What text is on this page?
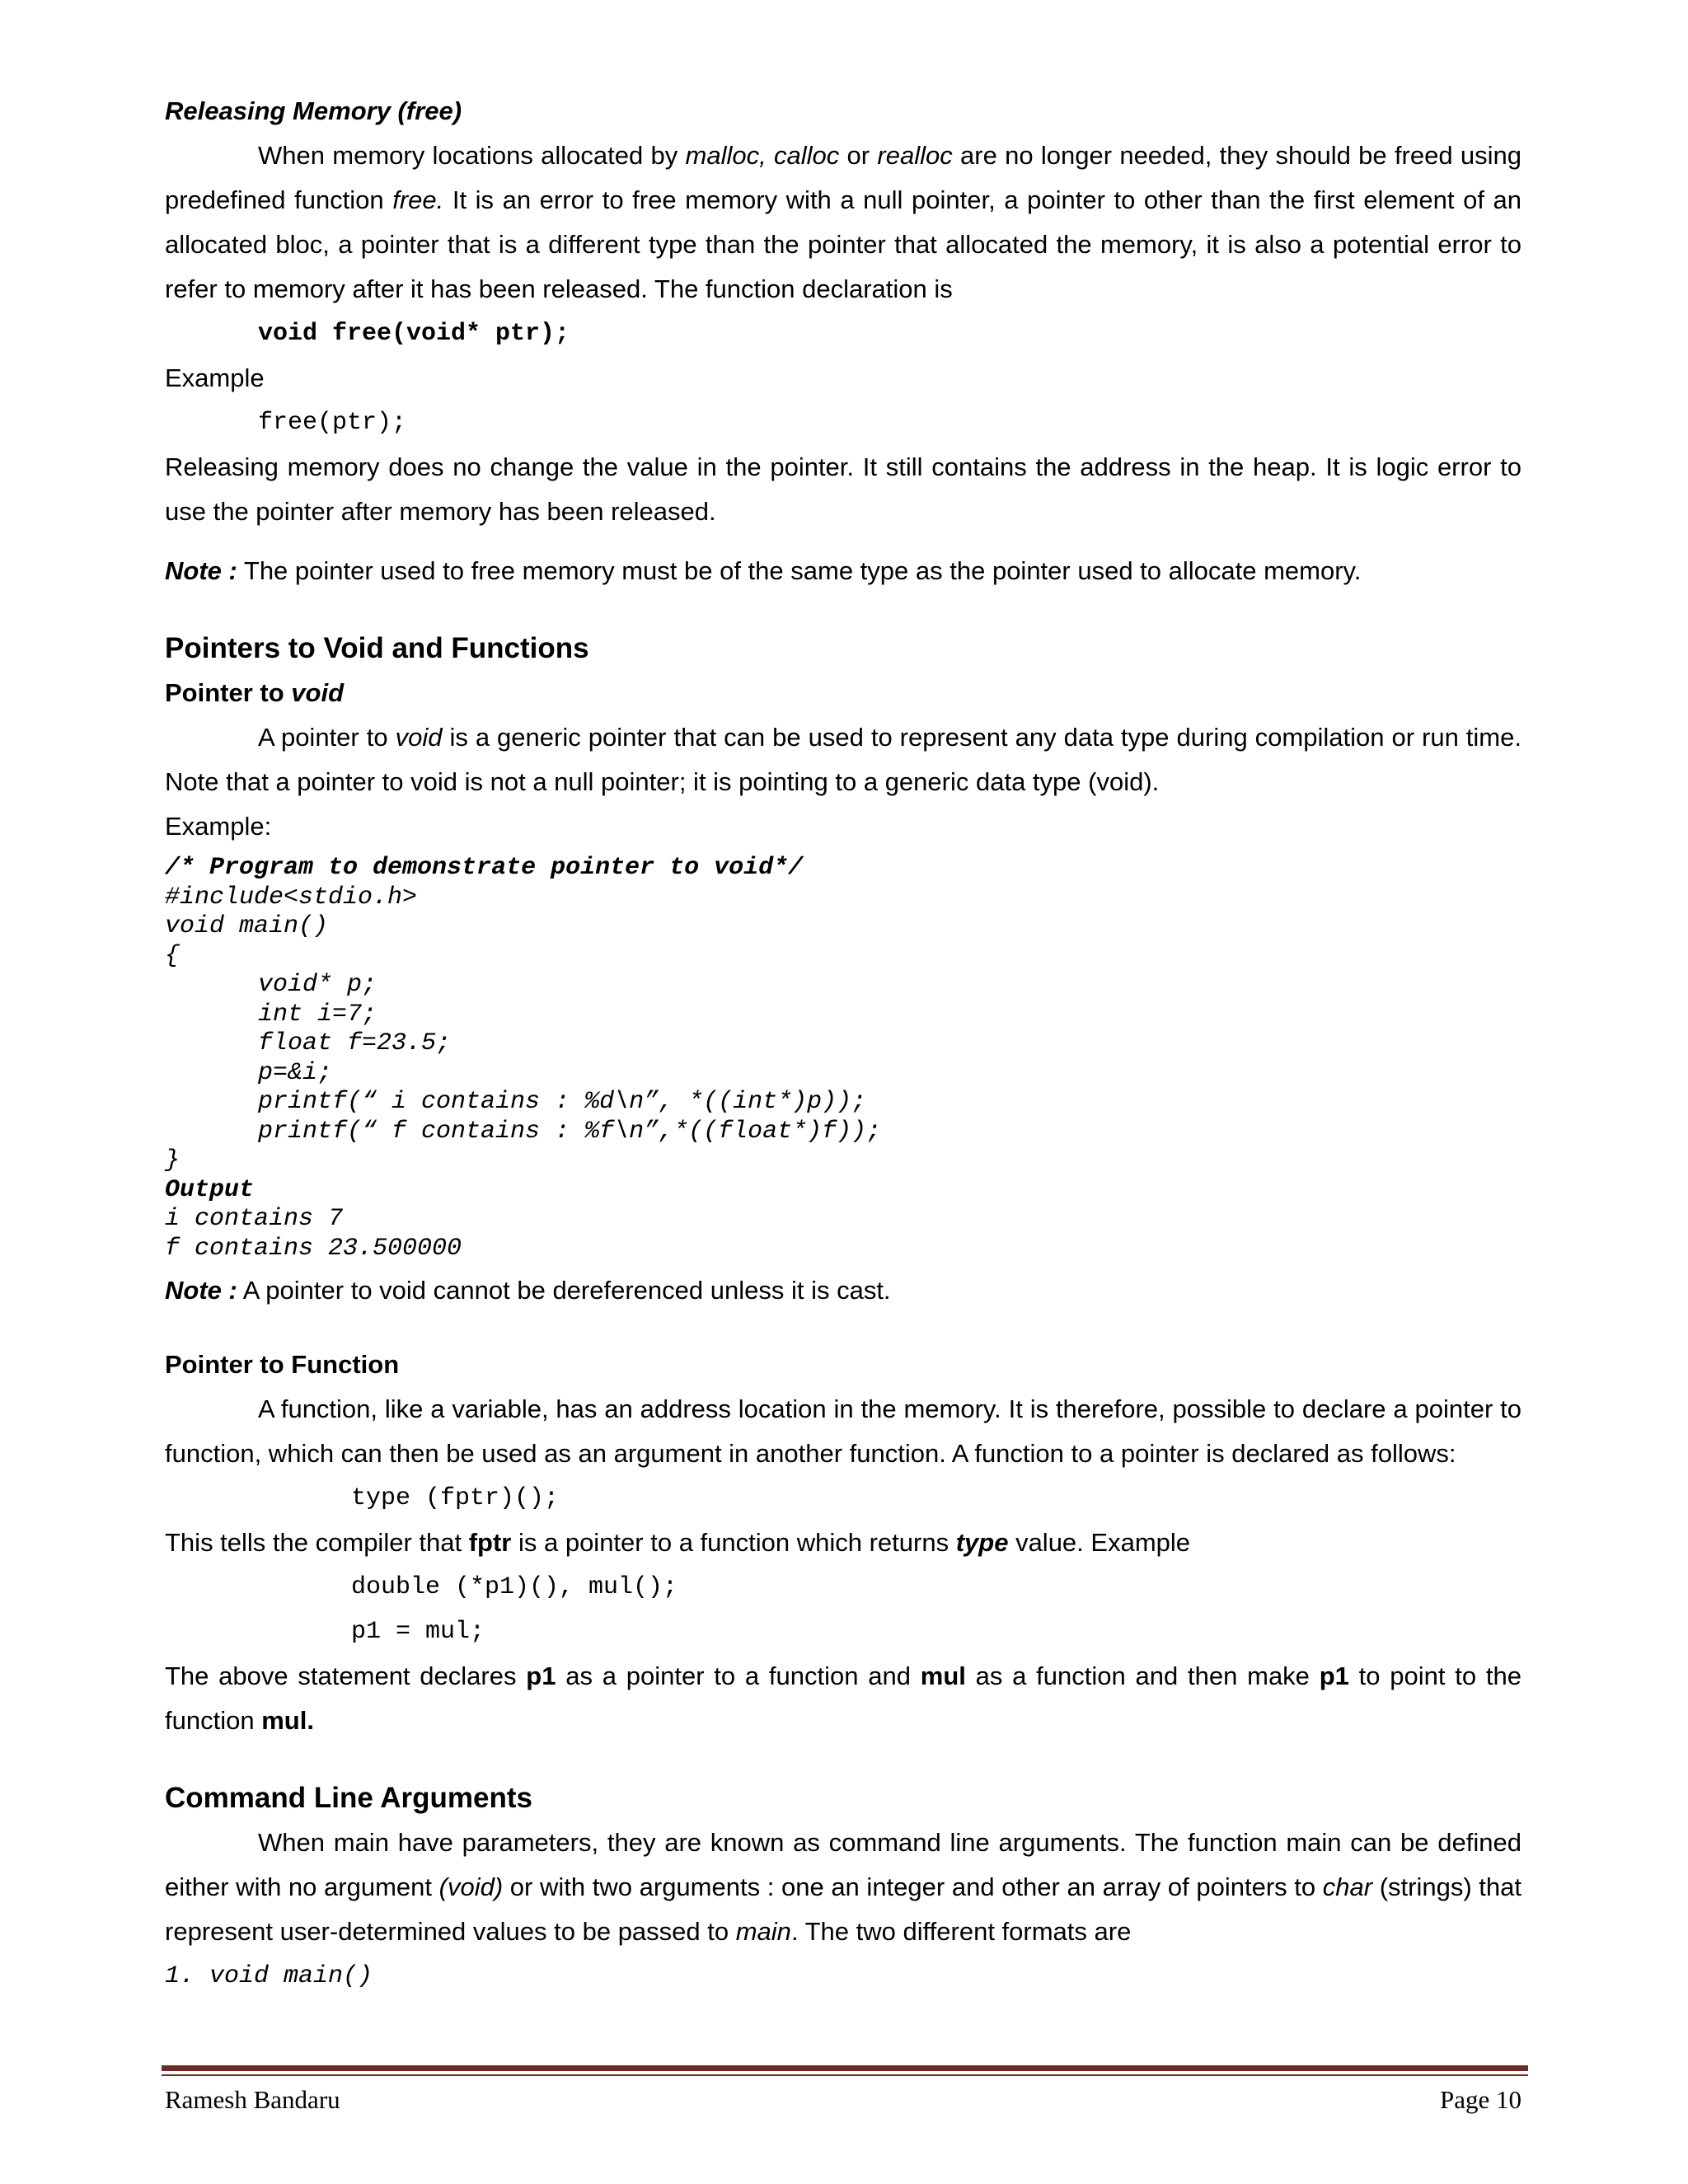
Releasing Memory (free)

When memory locations allocated by malloc, calloc or realloc are no longer needed, they should be freed using predefined function free. It is an error to free memory with a null pointer, a pointer to other than the first element of an allocated bloc, a pointer that is a different type than the pointer that allocated the memory, it is also a potential error to refer to memory after it has been released. The function declaration is

void free(void* ptr);

Example

free(ptr);

Releasing memory does no change the value in the pointer. It still contains the address in the heap. It is logic error to use the pointer after memory has been released.

Note : The pointer used to free memory must be of the same type as the pointer used to allocate memory.

Pointers to Void and Functions

Pointer to void

A pointer to void is a generic pointer that can be used to represent any data type during compilation or run time. Note that a pointer to void is not a null pointer; it is pointing to a generic data type (void).

Example:

/* Program to demonstrate pointer to void*/
#include<stdio.h>
void main()
{
void* p;
int i=7;
float f=23.5;
p=&i;
printf(“ i contains : %d\n”, *((int*)p));
printf(“ f contains : %f\n”,*((float*)f));
}
Output
i contains 7
f contains 23.500000

Note : A pointer to void cannot be dereferenced unless it is cast.

Pointer to Function

A function, like a variable, has an address location in the memory. It is therefore, possible to declare a pointer to function, which can then be used as an argument in another function. A function to a pointer is declared as follows:

type (fptr)();

This tells the compiler that fptr is a pointer to a function which returns type value. Example

double (*p1)(), mul();

p1 = mul;

The above statement declares p1 as a pointer to a function and mul as a function and then make p1 to point to the function mul.

Command Line Arguments

When main have parameters, they are known as command line arguments. The function main can be defined either with no argument (void) or with two arguments : one an integer and other an array of pointers to char (strings) that represent user-determined values to be passed to main. The two different formats are

1. void main()

Ramesh Bandaru	Page 10
